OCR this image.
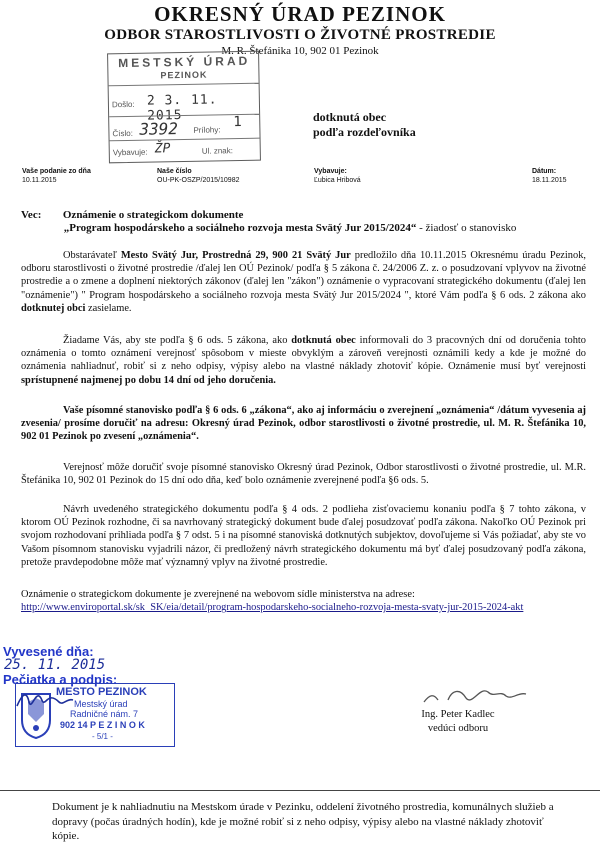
OKRESNÝ ÚRAD PEZINOK
ODBOR STAROSTLIVOSTI O ŽIVOTNÉ PROSTREDIE
M. R. Štefánika 10, 902 01 Pezinok
MESTSKÝ ÚRAD
PEZINOK
Došlo: 2 3. 11. 2015
Číslo: 3392 Prílohy: 1
Vybavuje: ŽP	Ul. znak:
dotknutá obec
podľa rozdeľovníka
Vaše podanie zo dňa
10.11.2015
Naše číslo
OU-PK-OSZP/2015/10982
Vybavuje:
Ľubica Hribová
Dátum:
18.11.2015
Vec: Oznámenie o strategickom dokumente
„Program hospodárskeho a sociálneho rozvoja mesta Svätý Jur 2015/2024“ - žiadosť o stanovisko
Obstarávateľ Mesto Svätý Jur, Prostredná 29, 900 21 Svätý Jur predložilo dňa 10.11.2015 Okresnému úradu Pezinok, odboru starostlivosti o životné prostredie /ďalej len OÚ Pezinok/ podľa § 5 zákona č. 24/2006 Z. z. o posudzovaní vplyvov na životné prostredie a o zmene a doplnení niektorých zákonov (ďalej len "zákon") oznámenie o vypracovaní strategického dokumentu (ďalej len "oznámenie") " Program hospodárskeho a sociálneho rozvoja mesta Svätý Jur 2015/2024 ", ktoré Vám podľa § 6 ods. 2 zákona ako dotknutej obci zasielame.
Žiadame Vás, aby ste podľa § 6 ods. 5 zákona, ako dotknutá obec informovali do 3 pracovných dní od doručenia tohto oznámenia o tomto oznámení verejnosť spôsobom v mieste obvyklým a zároveň verejnosti oznámili kedy a kde je možné do oznámenia nahliadnuť, robiť si z neho odpisy, výpisy alebo na vlastné náklady zhotoviť kópie. Oznámenie musí byť verejnosti sprístupnené najmenej po dobu 14 dní od jeho doručenia.
Vaše písomné stanovisko podľa § 6 ods. 6 „zákona“, ako aj informáciu o zverejnení „oznámenia“ /dátum vyvesenia aj zvesenia/ prosíme doručiť na adresu: Okresný úrad Pezinok, odbor starostlivosti o životné prostredie, ul. M. R. Štefánika 10, 902 01 Pezinok po zvesení „oznámenia“.
Verejnosť môže doručiť svoje písomné stanovisko Okresný úrad Pezinok, Odbor starostlivosti o životné prostredie, ul. M.R. Štefánika 10, 902 01 Pezinok do 15 dní odo dňa, keď bolo oznámenie zverejnené podľa §6 ods. 5.
Návrh uvedeného strategického dokumentu podľa § 4 ods. 2 podlieha zisťovaciemu konaniu podľa § 7 tohto zákona, v ktorom OÚ Pezinok rozhodne, či sa navrhovaný strategický dokument bude ďalej posudzovať podľa zákona. Nakoľko OÚ Pezinok pri svojom rozhodovaní prihliada podľa § 7 odst. 5 i na písomné stanoviská dotknutých subjektov, dovoľujeme si Vás požiadať, aby ste vo Vašom písomnom stanovisku vyjadrili názor, či predložený návrh strategického dokumentu má byť ďalej posudzovaný podľa zákona, pretože pravdepodobne môže mať významný vplyv na životné prostredie.
Oznámenie o strategickom dokumente je zverejnené na webovom sídle ministerstva na adrese:
http://www.enviroportal.sk/sk_SK/eia/detail/program-hospodarskeho-socialneho-rozvoja-mesta-svaty-jur-2015-2024-akt
Vyvesené dňa:
25. 11. 2015
Pečiatka a podpis:
MESTO PEZINOK
Mestský úrad
Radničné nám. 7
902 14 P E Z I N O K
- 5/1 -
Ing. Peter Kadlec
vedúci odboru
Dokument je k nahliadnutiu na Mestskom úrade v Pezinku, oddelení životného prostredia, komunálnych služieb a dopravy (počas úradných hodín), kde je možné robiť si z neho odpisy, výpisy alebo na vlastné náklady zhotoviť kópie.
